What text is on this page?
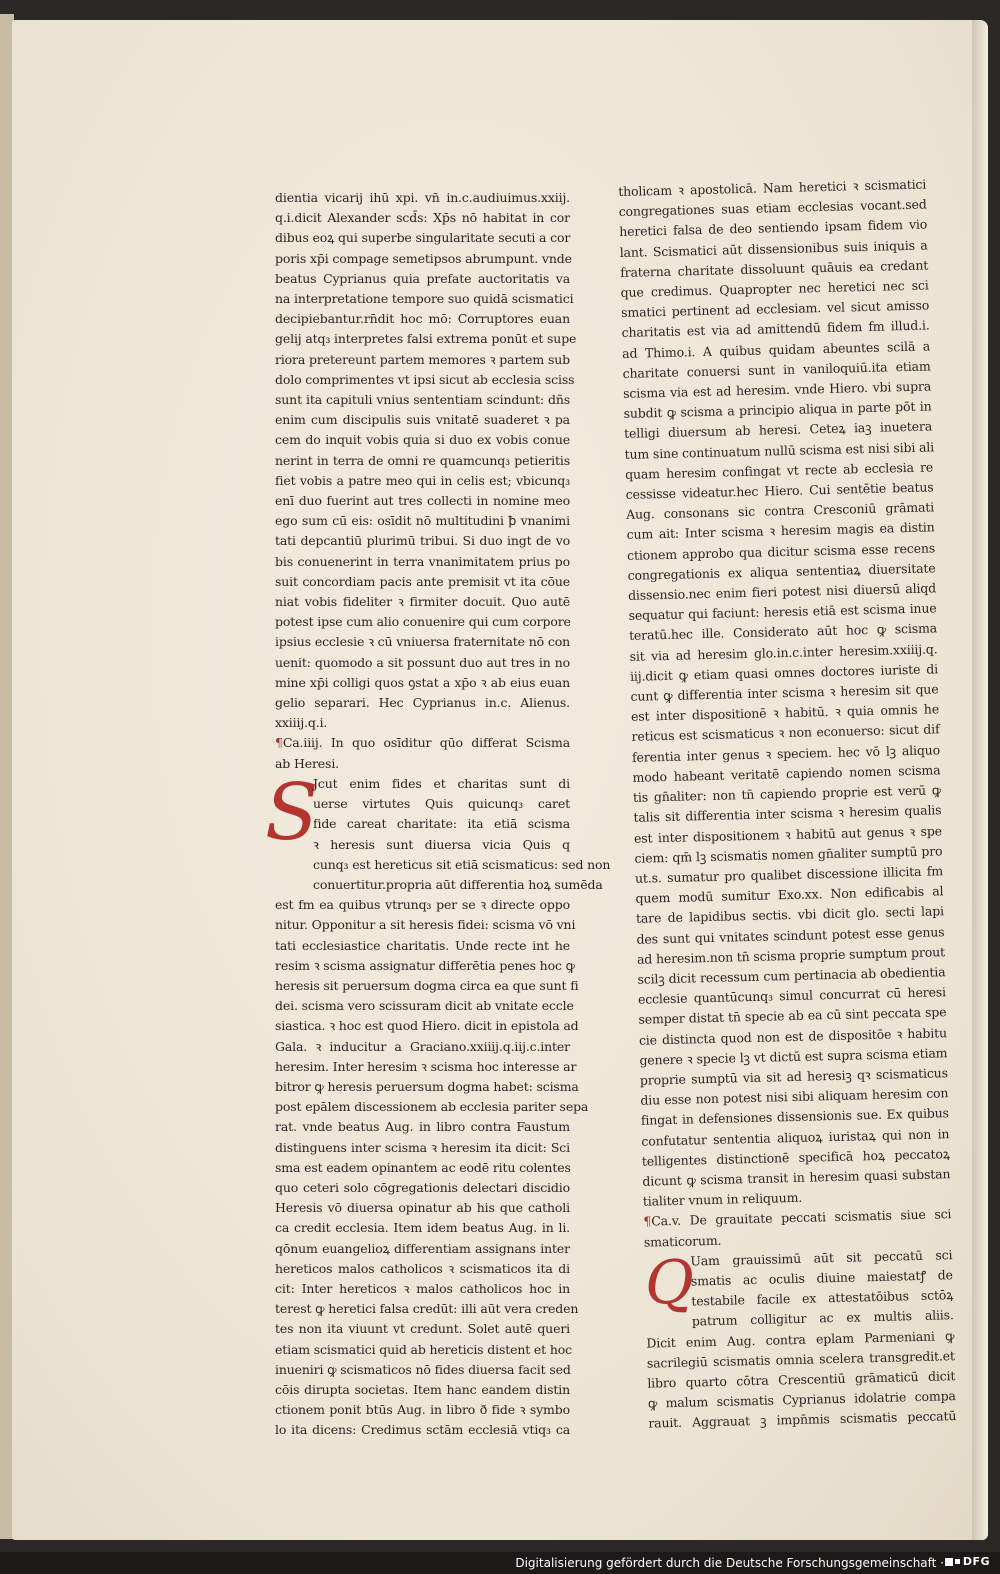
dientia vicarij ihū xpi. vn̄ in.c.audiuimus.xxiij.
q.i.dicit Alexander scd̄s: Xp̄s nō habitat in cor
dibus eoꝝ qui superbe singularitate secuti a cor
poris xp̄i compage semetipsos abrumpunt. vnde
beatus Cyprianus quia prefate auctoritatis va
na interpretatione tempore suo quidā scismatici
decipiebantur.rn̄dit hoc mō: Corruptores euan
gelij atq₃ interpretes falsi extrema ponūt et supe
riora pretereunt partem memores ꝛ partem sub
dolo comprimentes vt ipsi sicut ab ecclesia sciss
sunt ita capituli vnius sententiam scindunt: dñs
enim cum discipulis suis vnitatē suaderet ꝛ pa
cem do inquit vobis quia si duo ex vobis conue
nerint in terra de omni re quamcunq₃ petieritis
fiet vobis a patre meo qui in celis est; vbicunq₃
enī duo fuerint aut tres collecti in nomine meo
ego sum cū eis: osīdit nō multitudini ꝥ vnanimi
tati depcantiū plurimū tribui. Si duo ingt de vo
bis conuenerint in terra vnanimitatem prius po
suit concordiam pacis ante premisit vt ita cōue
niat vobis fideliter ꝛ firmiter docuit. Quo autē
potest ipse cum alio conuenire qui cum corpore
ipsius ecclesie ꝛ cū vniuersa fraternitate nō con
uenit: quomodo a sit possunt duo aut tres in no
mine xp̄i colligi quos ꝯstat a xp̄o ꝛ ab eius euan
gelio separari. Hec Cyprianus in.c. Alienus.
xxiiij.q.i.
¶Ca.iiij. In quo osīditur qūo differat Scisma
ab Heresi.
S
Jcut enim fides et charitas sunt di
uerse virtutes Quis quicunq₃ caret
fide careat charitate: ita etiā scisma
ꝛ heresis sunt diuersa vicia Quis q
cunq₃ est hereticus sit etiā scismaticus: sed non
conuertitur.propria aūt differentia hoꝝ sumēda
est fm ea quibus vtrunq₃ per se ꝛ directe oppo
nitur. Opponitur a sit heresis fidei: scisma vō vni
tati ecclesiastice charitatis. Unde recte int he
resim ꝛ scisma assignatur differētia penes hoc ꝙ
heresis sit peruersum dogma circa ea que sunt fi
dei. scisma vero scissuram dicit ab vnitate eccle
siastica. ꝛ hoc est quod Hiero. dicit in epistola ad
Gala. ꝛ inducitur a Graciano.xxiiij.q.iij.c.inter
heresim. Inter heresim ꝛ scisma hoc interesse ar
bitror ꝙ heresis peruersum dogma habet: scisma
post epālem discessionem ab ecclesia pariter sepa
rat. vnde beatus Aug. in libro contra Faustum
distinguens inter scisma ꝛ heresim ita dicit: Sci
sma est eadem opinantem ac eodē ritu colentes
quo ceteri solo cōgregationis delectari discidio
Heresis vō diuersa opinatur ab his que catholi
ca credit ecclesia. Item idem beatus Aug. in li.
qōnum euangelioꝝ differentiam assignans inter
hereticos malos catholicos ꝛ scismaticos ita di
cit: Inter hereticos ꝛ malos catholicos hoc in
terest ꝙ heretici falsa credūt: illi aūt vera creden
tes non ita viuunt vt credunt. Solet autē queri
etiam scismatici quid ab hereticis distent et hoc
inueniri ꝙ scismaticos nō fides diuersa facit sed
cōis dirupta societas. Item hanc eandem distin
ctionem ponit btūs Aug. in libro ð fide ꝛ symbo
lo ita dicens: Credimus sctām ecclesiā vtiq₃ ca
tholicam ꝛ apostolicā. Nam heretici ꝛ scismatici
congregationes suas etiam ecclesias vocant.sed
heretici falsa de deo sentiendo ipsam fidem vio
lant. Scismatici aūt dissensionibus suis iniquis a
fraterna charitate dissoluunt quāuis ea credant
que credimus. Quapropter nec heretici nec sci
smatici pertinent ad ecclesiam. vel sicut amisso
charitatis est via ad amittendū fidem fm illud.i.
ad Thimo.i. A quibus quidam abeuntes scilā a
charitate conuersi sunt in vaniloquiū.ita etiam
scisma via est ad heresim. vnde Hiero. vbi supra
subdit ꝙ scisma a principio aliqua in parte pōt in
telligi diuersum ab heresi. Ceteꝝ iaꝫ inuetera
tum sine continuatum nullū scisma est nisi sibi ali
quam heresim confingat vt recte ab ecclesia re
cessisse videatur.hec Hiero. Cui sentētie beatus
Aug. consonans sic contra Cresconiū grāmati
cum ait: Inter scisma ꝛ heresim magis ea distin
ctionem approbo qua dicitur scisma esse recens
congregationis ex aliqua sententiaꝝ diuersitate
dissensio.nec enim fieri potest nisi diuersū aliqd
sequatur qui faciunt: heresis etiā est scisma inue
teratū.hec ille. Considerato aūt hoc ꝙ scisma
sit via ad heresim glo.in.c.inter heresim.xxiiij.q.
iij.dicit ꝙ etiam quasi omnes doctores iuriste di
cunt ꝙ differentia inter scisma ꝛ heresim sit que
est inter dispositionē ꝛ habitū. ꝛ quia omnis he
reticus est scismaticus ꝛ non econuerso: sicut dif
ferentia inter genus ꝛ speciem. hec vō lꝫ aliquo
modo habeant veritatē capiendo nomen scisma
tis gn̄aliter: non tn̄ capiendo proprie est verū ꝙ
talis sit differentia inter scisma ꝛ heresim qualis
est inter dispositionem ꝛ habitū aut genus ꝛ spe
ciem: qm̄ lꝫ scismatis nomen gn̄aliter sumptū pro
ut.s. sumatur pro qualibet discessione illicita fm
quem modū sumitur Exo.xx. Non edificabis al
tare de lapidibus sectis. vbi dicit glo. secti lapi
des sunt qui vnitates scindunt potest esse genus
ad heresim.non tn̄ scisma proprie sumptum prout
scilꝫ dicit recessum cum pertinacia ab obedientia
ecclesie quantūcunq₃ simul concurrat cū heresi
semper distat tn̄ specie ab ea cū sint peccata spe
cie distincta quod non est de dispositōe ꝛ habitu
genere ꝛ specie lꝫ vt dictū est supra scisma etiam
proprie sumptū via sit ad heresiꝫ qꝛ scismaticus
diu esse non potest nisi sibi aliquam heresim con
fingat in defensiones dissensionis sue. Ex quibus
confutatur sententia aliquoꝝ iuristaꝝ qui non in
telligentes distinctionē specificā hoꝝ peccatoꝝ
dicunt ꝙ scisma transit in heresim quasi substan
tialiter vnum in reliquum.
¶Ca.v. De grauitate peccati scismatis siue sci
smaticorum.
Q
Uam grauissimū aūt sit peccatū sci
smatis ac oculis diuine maiestatꝭ de
testabile facile ex attestatōibus sctōꝝ
patrum colligitur ac ex multis aliis.
Dicit enim Aug. contra eplam Parmeniani ꝙ
sacrilegiū scismatis omnia scelera transgredit.et
libro quarto cōtra Crescentiū grāmaticū dicit
ꝙ malum scismatis Cyprianus idolatrie compa
rauit. Aggrauat ꝫ impn̄mis scismatis peccatū
Digitalisierung gefördert durch die Deutsche Forschungsgemeinschaft ·	DFG
